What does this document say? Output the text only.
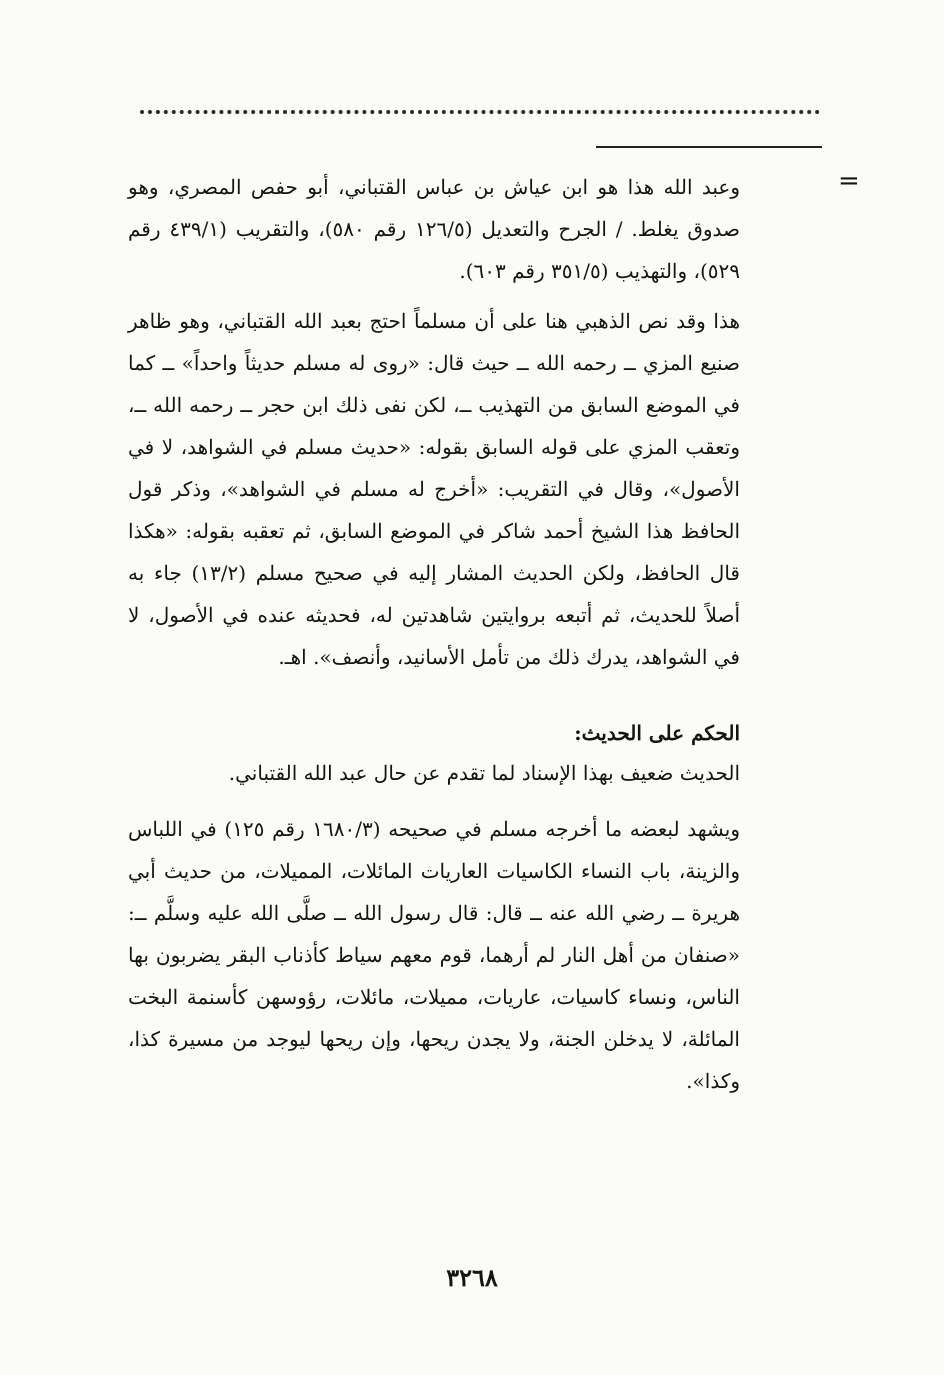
=

وعبد الله هذا هو ابن عياش بن عباس القتباني، أبو حفص المصري، وهو صدوق يغلط. / الجرح والتعديل (١٢٦/٥ رقم ٥٨٠)، والتقريب (٤٣٩/١ رقم ٥٢٩)، والتهذيب (٣٥١/٥ رقم ٦٠٣).

هذا وقد نص الذهبي هنا على أن مسلماً احتج بعبد الله القتباني، وهو ظاهر صنيع المزي ــ رحمه الله ــ حيث قال: «روى له مسلم حديثاً واحداً» ــ كما في الموضع السابق من التهذيب ــ، لكن نفى ذلك ابن حجر ــ رحمه الله ــ، وتعقب المزي على قوله السابق بقوله: «حديث مسلم في الشواهد، لا في الأصول»، وقال في التقريب: «أخرج له مسلم في الشواهد»، وذكر قول الحافظ هذا الشيخ أحمد شاكر في الموضع السابق، ثم تعقبه بقوله: «هكذا قال الحافظ، ولكن الحديث المشار إليه في صحيح مسلم (١٣/٢) جاء به أصلاً للحديث، ثم أتبعه بروايتين شاهدتين له، فحديثه عنده في الأصول، لا في الشواهد، يدرك ذلك من تأمل الأسانيد، وأنصف». اهـ.

الحكم على الحديث:

الحديث ضعيف بهذا الإسناد لما تقدم عن حال عبد الله القتباني.

ويشهد لبعضه ما أخرجه مسلم في صحيحه (١٦٨٠/٣ رقم ١٢٥) في اللباس والزينة، باب النساء الكاسيات العاريات المائلات، المميلات، من حديث أبي هريرة ــ رضي الله عنه ــ قال: قال رسول الله ــ صلَّى الله عليه وسلَّم ــ: «صنفان من أهل النار لم أرهما، قوم معهم سياط كأذناب البقر يضربون بها الناس، ونساء كاسيات، عاريات، مميلات، مائلات، رؤوسهن كأسنمة البخت المائلة، لا يدخلن الجنة، ولا يجدن ريحها، وإن ريحها ليوجد من مسيرة كذا، وكذا».

٣٢٦٨
